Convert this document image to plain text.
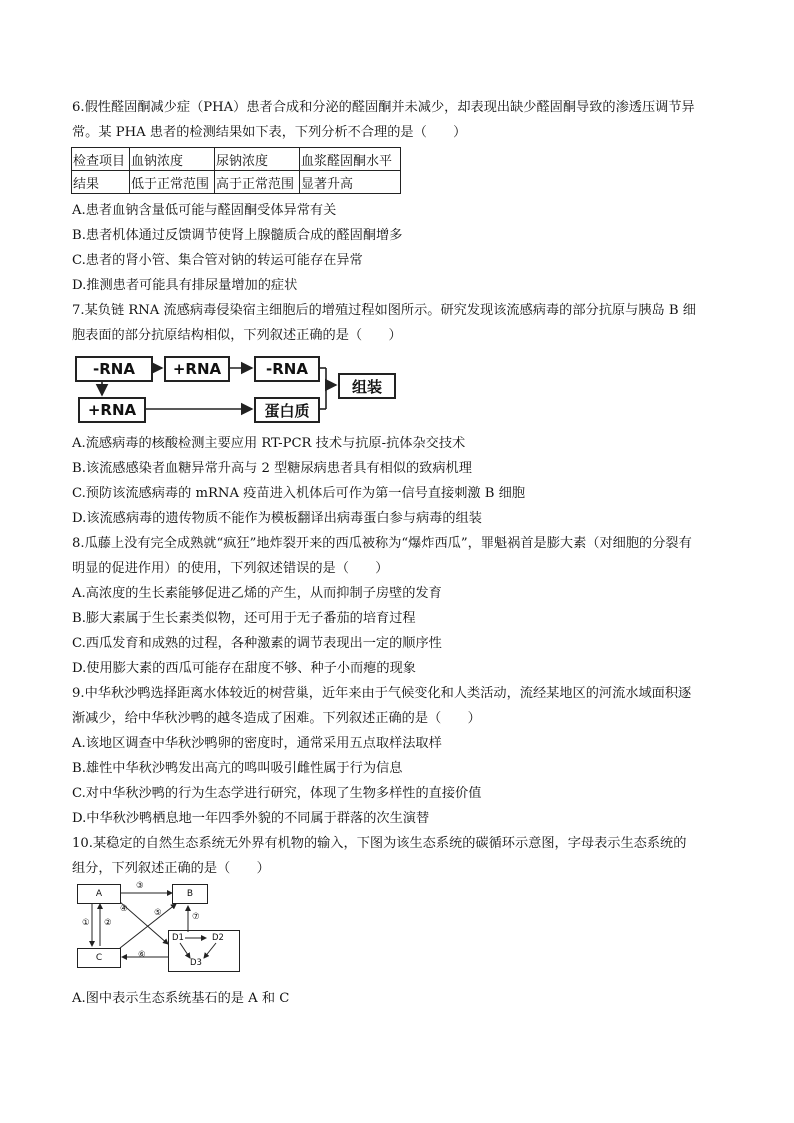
6.假性醛固酮减少症（PHA）患者合成和分泌的醛固酮并未减少，却表现出缺少醛固酮导致的渗透压调节异
常。某 PHA 患者的检测结果如下表，下列分析不合理的是（　　）
检查项目	血钠浓度	尿钠浓度	血浆醛固酮水平
结果	低于正常范围	高于正常范围	显著升高
A.患者血钠含量低可能与醛固酮受体异常有关
B.患者机体通过反馈调节使肾上腺髓质合成的醛固酮增多
C.患者的肾小管、集合管对钠的转运可能存在异常
D.推测患者可能具有排尿量增加的症状
7.某负链 RNA 流感病毒侵染宿主细胞后的增殖过程如图所示。研究发现该流感病毒的部分抗原与胰岛 B 细
胞表面的部分抗原结构相似，下列叙述正确的是（　　）
-RNA	+RNA	-RNA
组装
+RNA	蛋白质
A.流感病毒的核酸检测主要应用 RT-PCR 技术与抗原-抗体杂交技术
B.该流感感染者血糖异常升高与 2 型糖尿病患者具有相似的致病机理
C.预防该流感病毒的 mRNA 疫苗进入机体后可作为第一信号直接刺激 B 细胞
D.该流感病毒的遗传物质不能作为模板翻译出病毒蛋白参与病毒的组装
8.瓜藤上没有完全成熟就“疯狂”地炸裂开来的西瓜被称为“爆炸西瓜”，罪魁祸首是膨大素（对细胞的分裂有
明显的促进作用）的使用，下列叙述错误的是（　　）
A.高浓度的生长素能够促进乙烯的产生，从而抑制子房壁的发育
B.膨大素属于生长素类似物，还可用于无子番茄的培育过程
C.西瓜发育和成熟的过程，各种激素的调节表现出一定的顺序性
D.使用膨大素的西瓜可能存在甜度不够、种子小而瘪的现象
9.中华秋沙鸭选择距离水体较近的树营巢，近年来由于气候变化和人类活动，流经某地区的河流水域面积逐
渐减少，给中华秋沙鸭的越冬造成了困难。下列叙述正确的是（　　）
A.该地区调查中华秋沙鸭卵的密度时，通常采用五点取样法取样
B.雄性中华秋沙鸭发出高亢的鸣叫吸引雌性属于行为信息
C.对中华秋沙鸭的行为生态学进行研究，体现了生物多样性的直接价值
D.中华秋沙鸭栖息地一年四季外貌的不同属于群落的次生演替
10.某稳定的自然生态系统无外界有机物的输入，下图为该生态系统的碳循环示意图，字母表示生态系统的
组分，下列叙述正确的是（　　）
A	B
C
D1	D2
D3
① ②
③
④	⑤
⑥
⑦
A.图中表示生态系统基石的是 A 和 C
